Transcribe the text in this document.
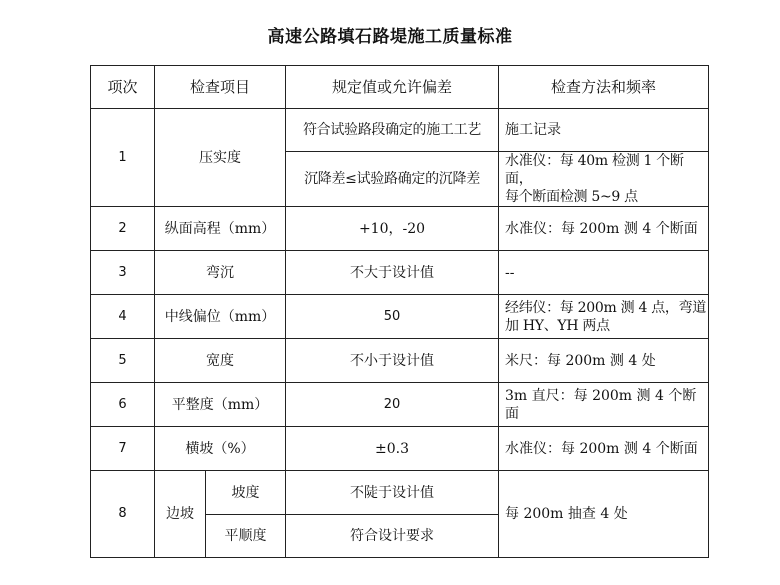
高速公路填石路堤施工质量标准
项次	检查项目		规定值或允许偏差	检查方法和频率
1	压实度		符合试验路段确定的施工工艺	施工记录
			沉降差≤试验路确定的沉降差	水准仪：每 40m 检测 1 个断面，
每个断面检测 5~9 点

2	纵面高程（mm）		+10，-20	水准仪：每 200m 测 4 个断面
3	弯沉		不大于设计值	--
4	中线偏位（mm）		50	经纬仪：每 200m 测 4 点，弯道
加 HY、YH 两点

5	宽度		不小于设计值	米尺：每 200m 测 4 处
6	平整度（mm）		20	3m 直尺：每 200m 测 4 个断面
7	横坡（%）		±0.3	水准仪：每 200m 测 4 个断面
8	边坡	坡度	不陡于设计值	每 200m 抽查 4 处
		平顺度	符合设计要求	
